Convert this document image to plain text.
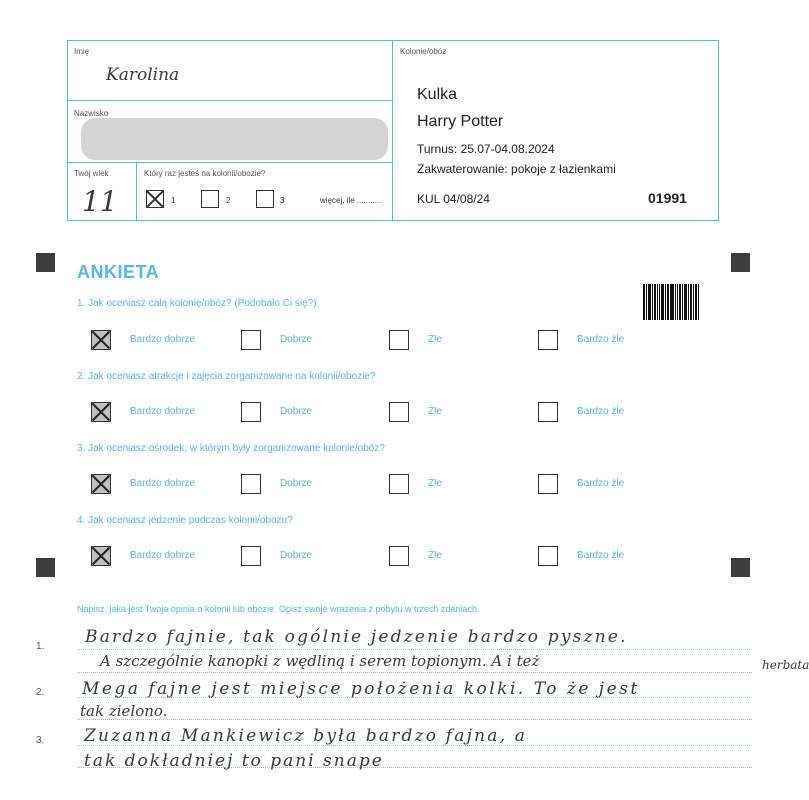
Imię
Karolina
Nazwisko
Twój wiek
11
Który raz jesteś na kolonii/obozie?
1	2	3	więcej, ile ...........
Kolonie/obóz
Kulka
Harry Potter
Turnus: 25.07-04.08.2024
Zakwaterowanie: pokoje z łazienkami
KUL 04/08/24	01991
ANKIETA
1. Jak oceniasz całą kolonię/obóz? (Podobało Ci się?)
2. Jak oceniasz atrakcje i zajęcia zorganizowane na kolonii/obozie?
3. Jak oceniasz ośrodek, w którym były zorganizowane kolonie/obóz?
4. Jak oceniasz jedzenie podczas kolonii/obozu?
Bardzo dobrze	Dobrze	Źle	Bardzo źle
Bardzo dobrze	Dobrze	Źle	Bardzo źle
Bardzo dobrze	Dobrze	Źle	Bardzo źle
Bardzo dobrze	Dobrze	Źle	Bardzo źle
Napisz, jaka jest Twoja opinia o kolonii lub obozie. Opisz swoje wrażenia z pobytu w trzech zdaniach.
1.
2.
3.
Bardzo fajnie, tak ogólnie jedzenie bardzo pyszne.
A szczególnie kanopki z wędliną i serem topionym. A i też	herbata
Mega fajne jest miejsce położenia kolki. To że jest
tak zielono.
Zuzanna Mankiewicz była bardzo fajna, a
tak dokładniej to pani snape
